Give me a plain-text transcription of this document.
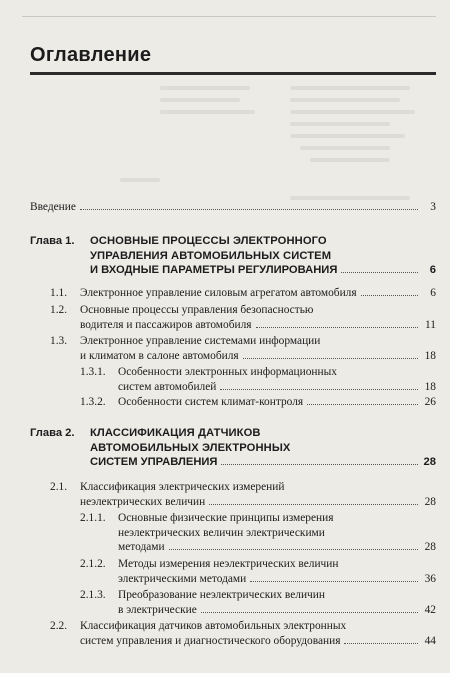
Оглавление
Введение	3
Глава 1. ОСНОВНЫЕ ПРОЦЕССЫ ЭЛЕКТРОННОГО
УПРАВЛЕНИЯ АВТОМОБИЛЬНЫХ СИСТЕМ
И ВХОДНЫЕ ПАРАМЕТРЫ РЕГУЛИРОВАНИЯ	6
1.1. Электронное управление силовым агрегатом автомобиля	6
1.2. Основные процессы управления безопасностью
водителя и пассажиров автомобиля	11
1.3. Электронное управление системами информации
и климатом в салоне автомобиля	18
1.3.1. Особенности электронных информационных
систем автомобилей	18
1.3.2. Особенности систем климат-контроля	26
Глава 2. КЛАССИФИКАЦИЯ ДАТЧИКОВ
АВТОМОБИЛЬНЫХ ЭЛЕКТРОННЫХ
СИСТЕМ УПРАВЛЕНИЯ	28
2.1. Классификация электрических измерений
неэлектрических величин	28
2.1.1. Основные физические принципы измерения
неэлектрических величин электрическими
методами	28
2.1.2. Методы измерения неэлектрических величин
электрическими методами	36
2.1.3. Преобразование неэлектрических величин
в электрические	42
2.2. Классификация датчиков автомобильных электронных
систем управления и диагностического оборудования	44
